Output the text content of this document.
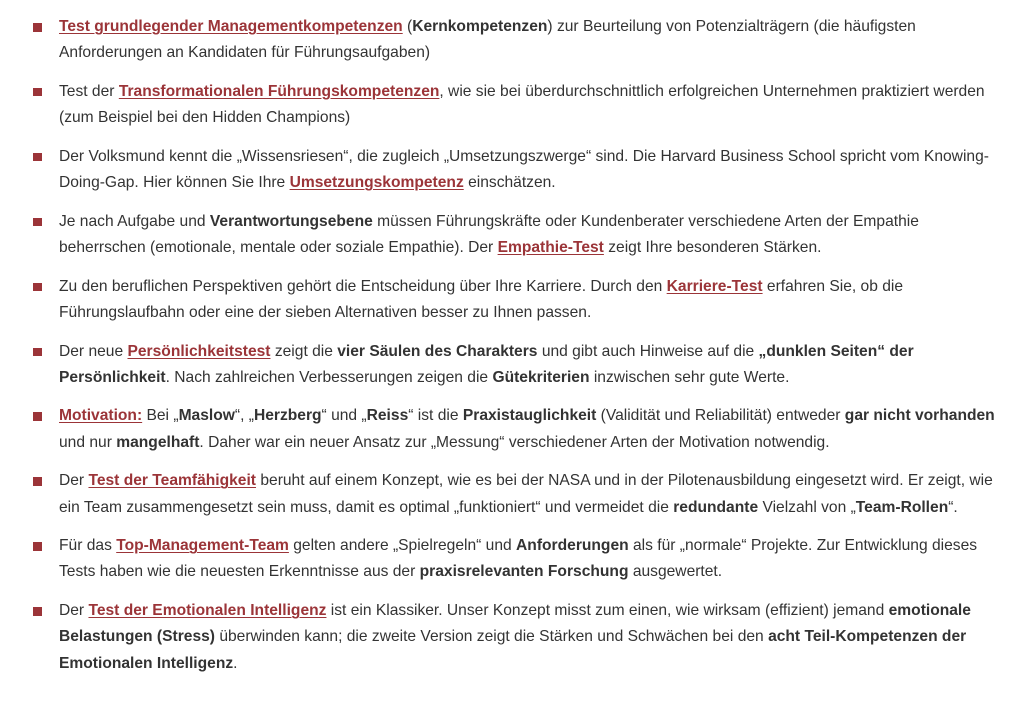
Test grundlegender Managementkompetenzen (Kernkompetenzen) zur Beurteilung von Potenzialträgern (die häufigsten Anforderungen an Kandidaten für Führungsaufgaben)
Test der Transformationalen Führungskompetenzen, wie sie bei überdurchschnittlich erfolgreichen Unternehmen praktiziert werden (zum Beispiel bei den Hidden Champions)
Der Volksmund kennt die „Wissensriesen“, die zugleich „Umsetzungszwerge“ sind. Die Harvard Business School spricht vom Knowing-Doing-Gap. Hier können Sie Ihre Umsetzungskompetenz einschätzen.
Je nach Aufgabe und Verantwortungsebene müssen Führungskräfte oder Kundenberater verschiedene Arten der Empathie beherrschen (emotionale, mentale oder soziale Empathie). Der Empathie-Test zeigt Ihre besonderen Stärken.
Zu den beruflichen Perspektiven gehört die Entscheidung über Ihre Karriere. Durch den Karriere-Test erfahren Sie, ob die Führungslaufbahn oder eine der sieben Alternativen besser zu Ihnen passen.
Der neue Persönlichkeitstest zeigt die vier Säulen des Charakters und gibt auch Hinweise auf die „dunklen Seiten“ der Persönlichkeit. Nach zahlreichen Verbesserungen zeigen die Gütekriterien inzwischen sehr gute Werte.
Motivation: Bei „Maslow“, „Herzberg“ und „Reiss“ ist die Praxistauglichkeit (Validität und Reliabilität) entweder gar nicht vorhanden und nur mangelhaft. Daher war ein neuer Ansatz zur „Messung“ verschiedener Arten der Motivation notwendig.
Der Test der Teamfähigkeit beruht auf einem Konzept, wie es bei der NASA und in der Pilotenausbildung eingesetzt wird. Er zeigt, wie ein Team zusammengesetzt sein muss, damit es optimal „funktioniert“ und vermeidet die redundante Vielzahl von „Team-Rollen“.
Für das Top-Management-Team gelten andere „Spielregeln“ und Anforderungen als für „normale“ Projekte. Zur Entwicklung dieses Tests haben wie die neuesten Erkenntnisse aus der praxisrelevanten Forschung ausgewertet.
Der Test der Emotionalen Intelligenz ist ein Klassiker. Unser Konzept misst zum einen, wie wirksam (effizient) jemand emotionale Belastungen (Stress) überwinden kann; die zweite Version zeigt die Stärken und Schwächen bei den acht Teil-Kompetenzen der Emotionalen Intelligenz.
